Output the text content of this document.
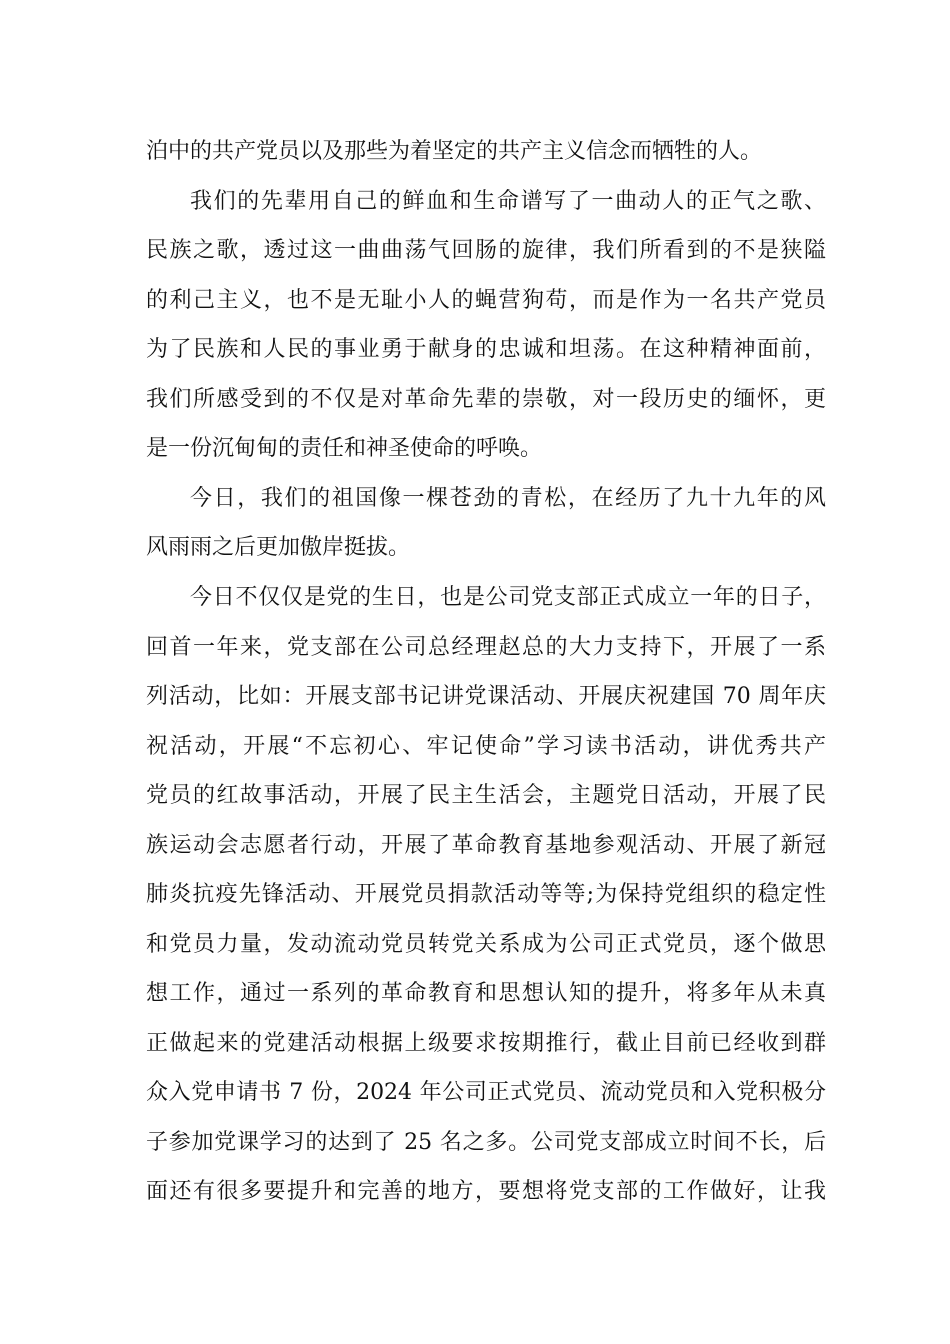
泊中的共产党员以及那些为着坚定的共产主义信念而牺牲的人。
我们的先辈用自己的鲜血和生命谱写了一曲动人的正气之歌、
民族之歌，透过这一曲曲荡气回肠的旋律，我们所看到的不是狭隘
的利己主义，也不是无耻小人的蝇营狗苟，而是作为一名共产党员
为了民族和人民的事业勇于献身的忠诚和坦荡。在这种精神面前，
我们所感受到的不仅是对革命先辈的崇敬，对一段历史的缅怀，更
是一份沉甸甸的责任和神圣使命的呼唤。
今日，我们的祖国像一棵苍劲的青松，在经历了九十九年的风
风雨雨之后更加傲岸挺拔。
今日不仅仅是党的生日，也是公司党支部正式成立一年的日子，
回首一年来，党支部在公司总经理赵总的大力支持下，开展了一系
列活动，比如：开展支部书记讲党课活动、开展庆祝建国 70 周年庆
祝活动，开展“不忘初心、牢记使命”学习读书活动，讲优秀共产
党员的红故事活动，开展了民主生活会，主题党日活动，开展了民
族运动会志愿者行动，开展了革命教育基地参观活动、开展了新冠
肺炎抗疫先锋活动、开展党员捐款活动等等;为保持党组织的稳定性
和党员力量，发动流动党员转党关系成为公司正式党员，逐个做思
想工作，通过一系列的革命教育和思想认知的提升，将多年从未真
正做起来的党建活动根据上级要求按期推行，截止目前已经收到群
众入党申请书 7 份，2024 年公司正式党员、流动党员和入党积极分
子参加党课学习的达到了 25 名之多。公司党支部成立时间不长，后
面还有很多要提升和完善的地方，要想将党支部的工作做好，让我
